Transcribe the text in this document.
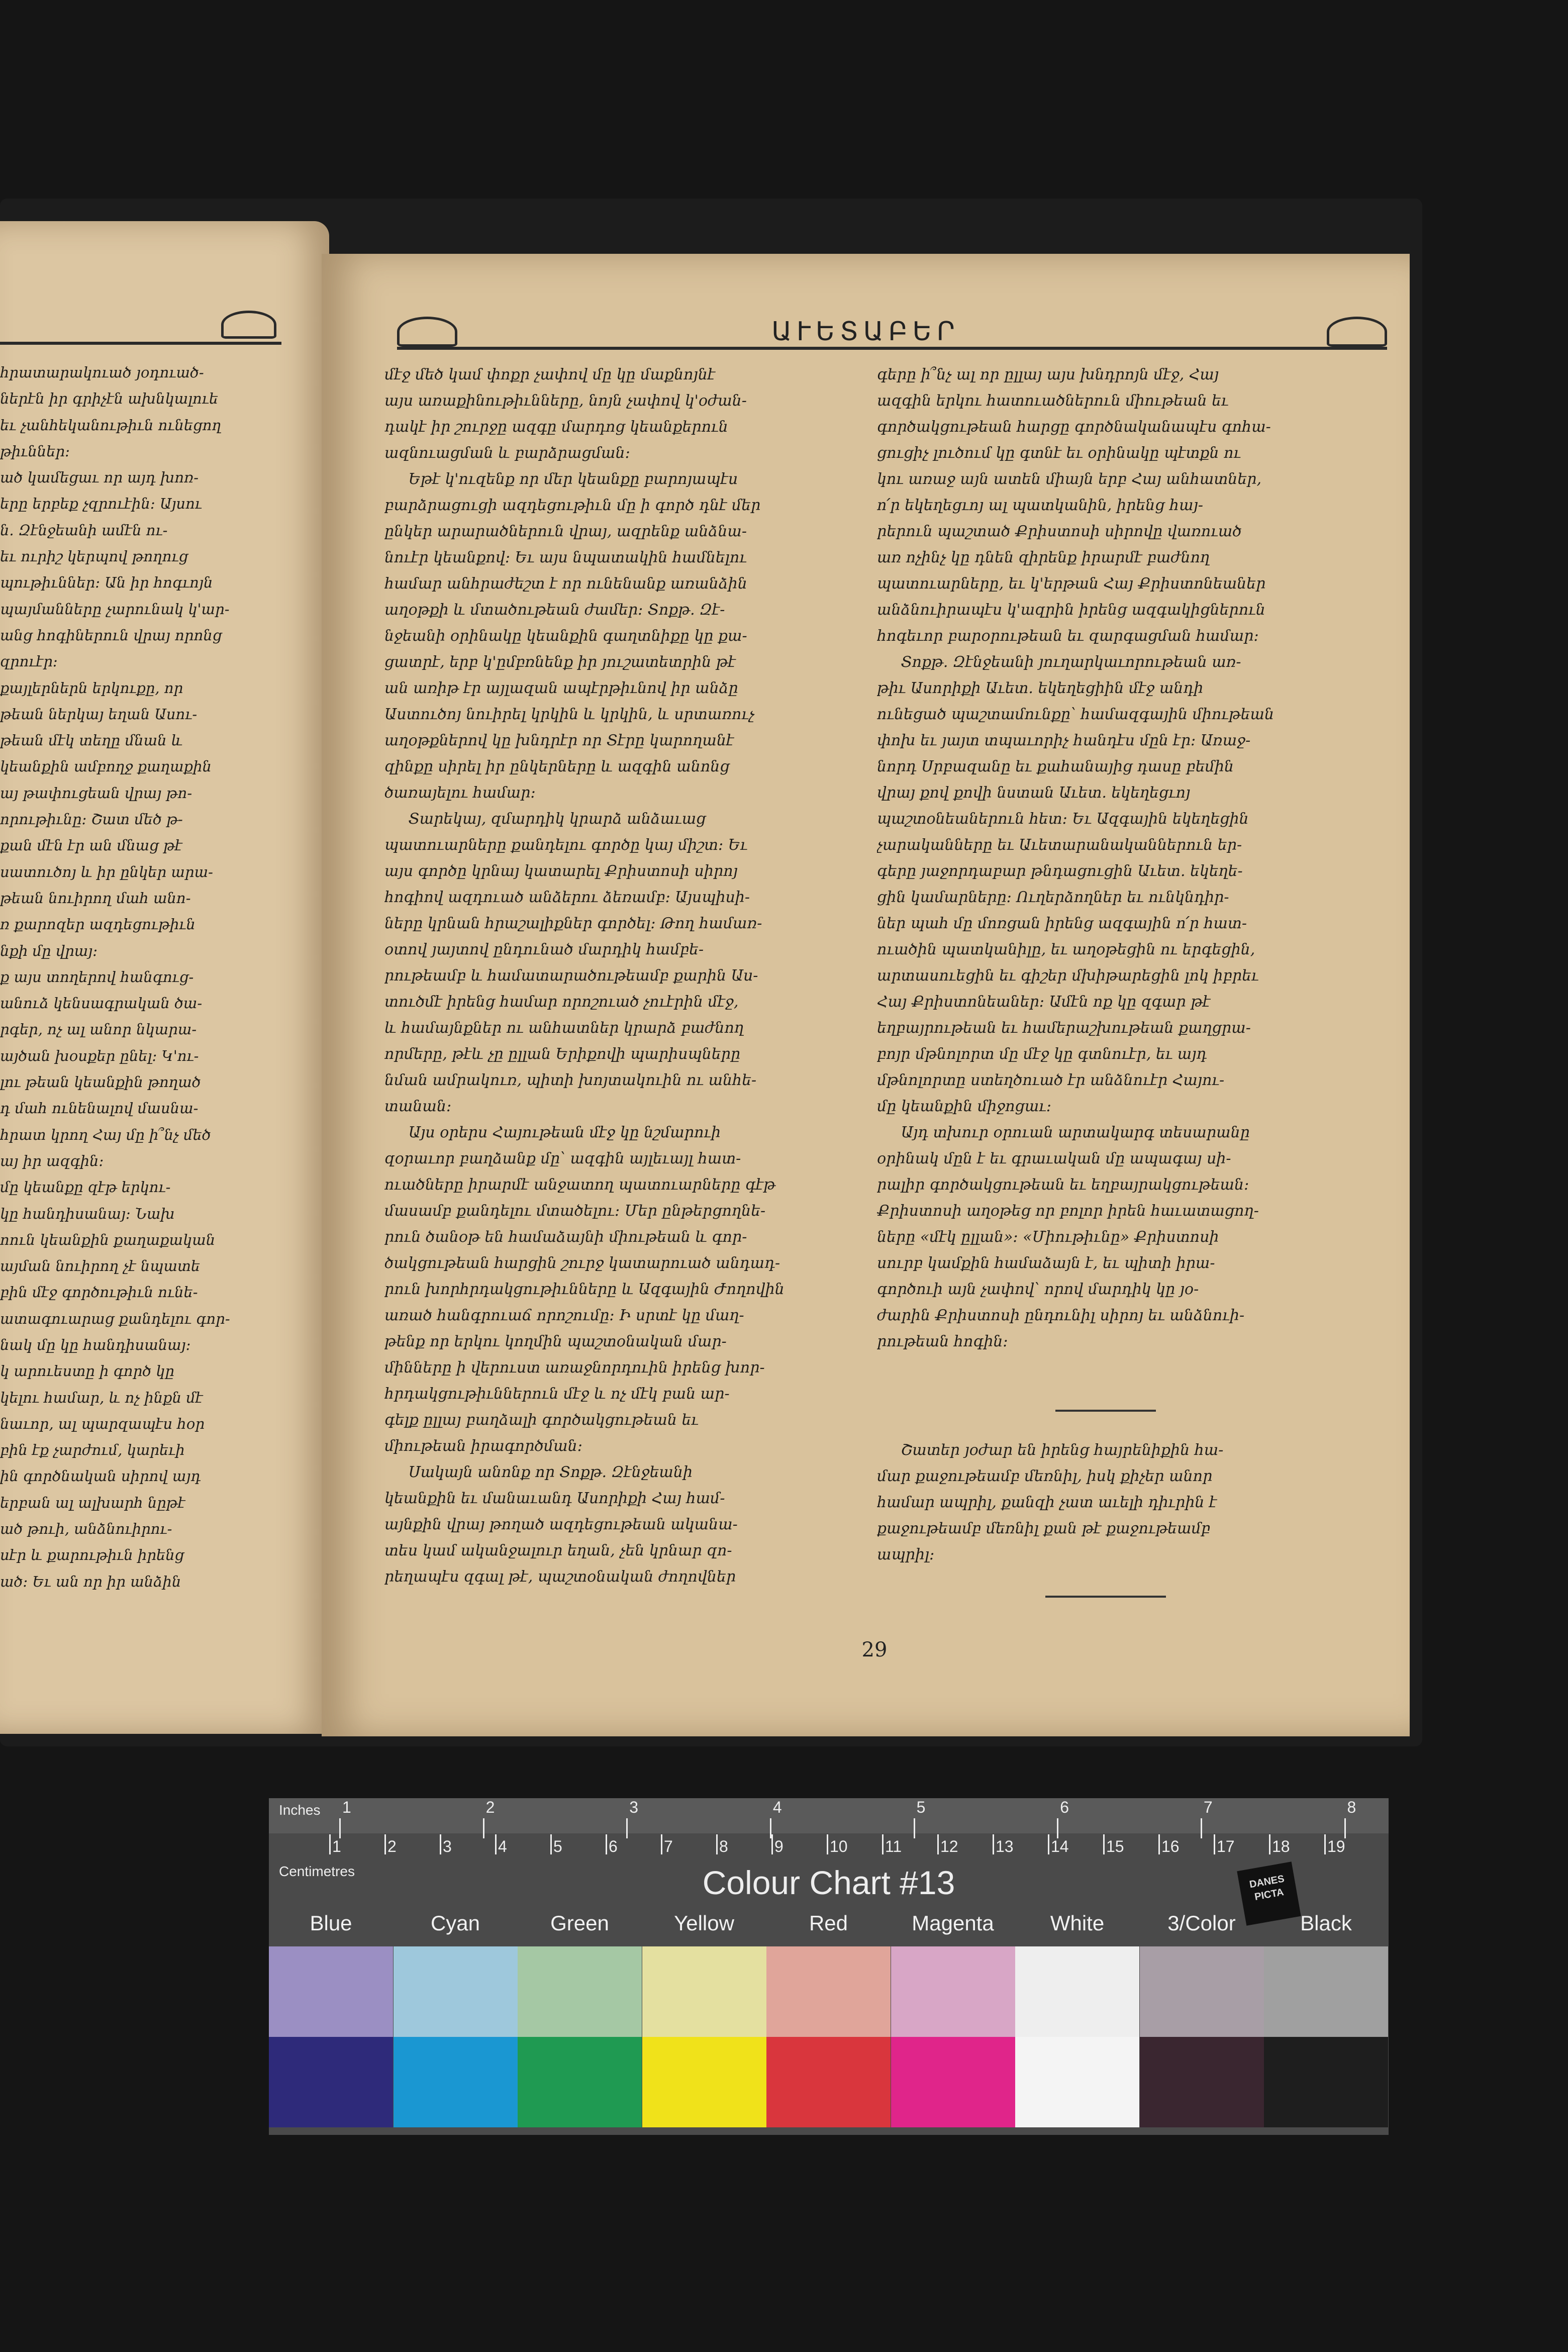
հրատարակուած յօդուած-
ներէն իր գրիչէն ախնկալուե
եւ չանհեկանութիւն ունեցող
թիւններ։
ած կամեցաւ որ այդ խոռ-
երը երբեք չզրուէին։ Այսու
ն. Զէնջեանի ամէն ու-
եւ ուրիշ կերպով թողուց
պութիւններ։ Ան իր հոգւոյն
պայմանները չարունակ կ'ար-
անց հոգիներուն վրայ որոնց
զրուէր։
քայլերներն երկուքը, որ
թեան ներկայ եղան Ասու-
թեան մէկ տեղը մնան և
կեանքին ամբողջ քաղաքին
այ թափուցեան վրայ թո-
որութիւնը։ Շատ մեծ թ-
քան մէն էր ան մնաց թէ
սատուծոյ և իր ընկեր արա-
թեան նուիրող մահ անո-
ռ քարոզեր ազդեցութիւն
նքի մը վրայ։
ք այս տողերով հանգուց-
անուձ կենսագրական ծա-
րգեր, ոչ ալ անոր նկարա-
այծան խօսքեր ընել։ Կ'ու-
լու թեան կեանքին թողած
դ մահ ունենալով մասնա-
հրատ կրող Հայ մը ի՞նչ մեծ
այ իր ազգին։
մը կեանքը զէթ երկու-
կը հանդիսանայ։ Նախ
ոուն կեանքին քաղաքական
այման նուիրող չէ նպատե
բին մէջ գործութիւն ունե-
ատագուարաց քանդելու գոր-
նակ մը կը հանդիսանայ։
կ արուեստը ի գործ կը
կելու համար, և ոչ ինքն մէ
նաւոր, ալ պարզապէս հօր
բին էք չարժում, կարեւի
ին գործնական սիրով այդ
երբան ալ ալխարհ նըթէ
ած թուի, անձնուիրու-
սէր և քարութիւն իրենց
ած։ Եւ ան որ իր անձին
ԱՒԵՏԱԲԵՐ
մէջ մեծ կամ փոքր չափով մը կը մաքնոյնէ
այս առաքինութիւնները, նոյն չափով կ'օժան-
դակէ իր շուրջը ազգը մարդոց կեանքերուն
ազնուացման և բարձրացման։
Եթէ կ'ուզենք որ մեր կեանքը բարոյապէս
բարձրացուցի ազդեցութիւն մը ի գործ դնէ մեր
ընկեր արարածներուն վրայ, ազրենք անձնա-
նուէր կեանքով։ Եւ այս նպատակին համնելու
համար անհրաժեշտ է որ ունենանք առանձին
աղօթքի և մտածութեան ժամեր։ Տոքթ. Զէ-
նջեանի օրինակը կեանքին գաղտնիքը կը քա-
ցատրէ, երբ կ'ըմբռնենք իր յուշատետրին թէ
ան առիթ էր այլազան ապէրթիւնով իր անձը
Աստուծոյ նուիրել կրկին և կրկին, և սրտառուչ
աղօթքներով կը խնդրէր որ Տէրը կարողանէ
զինքը սիրել իր ընկերները և ազգին անոնց
ծառայելու համար։
Տարեկայ, զմարդիկ կրարձ անձաւաց
պատուարները քանդելու գործը կայ միշտ։ Եւ
այս գործը կրնայ կատարել Քրիստոսի սիրոյ
հոգիով ազդուած անձերու ձեռամբ։ Այսպիսի-
ները կրնան հրաշալիքներ գործել։ Թող համառ-
օտով յայտով ընդունած մարդիկ համբե-
րութեամբ և համատարածութեամբ քարին Աս-
տուծմէ իրենց համար որոշուած չուէրին մէջ,
և համայնքներ ու անհատներ կրարձ բաժնող
որմերը, թէև չը ըլլան Երիքովի պարիսպները
նման ամրակուռ, պիտի խոյտակուին ու անհե-
տանան։
Այս օրերս Հայութեան մէջ կը նշմարուի
զօրաւոր բաղձանք մը՝ ազգին այլեւայլ հատ-
ուածները իրարմէ անջատող պատուարները գէթ
մասամբ քանդելու մտածելու։ Մեր ընթերցողնե-
րուն ծանօթ են համաձայնի միութեան և գոր-
ծակցութեան հարցին շուրջ կատարուած անդադ-
րուն խորհրդակցութիւնները և Ազգային Ժողովին
առած հանգրուաճ որոշումը։ Ի սրտէ կը մաղ-
թենք որ երկու կողմին պաշտօնական մար-
մինները ի վերուստ առաջնորդուին իրենց խոր-
հրդակցութիւններուն մէջ և ոչ մէկ բան ար-
գելք ըլլայ բաղձալի գործակցութեան եւ
միութեան իրագործման։
Սակայն անոնք որ Տոքթ. Զէնջեանի
կեանքին եւ մանաւանդ Ասորիքի Հայ համ-
այնքին վրայ թողած ազդեցութեան ականա-
տես կամ ականջալուր եղան, չեն կրնար զո-
րեղապէս զգալ թէ, պաշտօնական ժողովներ
գերը ի՞նչ ալ որ ըլլայ այս խնդրոյն մէջ, Հայ
ազգին երկու հատուածներուն միութեան եւ
գործակցութեան հարցը գործնականապէս գոհա-
ցուցիչ լուծում կը գտնէ եւ օրինակը պէտքն ու
կու առաջ այն ատեն միայն երբ Հայ անհատներ,
ո՛ր եկեղեցւոյ ալ պատկանին, իրենց հայ-
րերուն պաշտած Քրիստոսի սիրովը վառուած
առ ոչինչ կը դնեն զիրենք իրարմէ բաժնող
պատուարները, եւ կ'երթան Հայ Քրիստոնեաներ
անձնուիրապէս կ'ազրին իրենց ազգակիցներուն
հոգեւոր բարօրութեան եւ զարգացման համար։
Տոքթ. Զէնջեանի յուղարկաւորութեան առ-
թիւ Ասորիքի Աւետ. եկեղեցիին մէջ անդի
ունեցած պաշտամունքը՝ համազգային միութեան
փոխ եւ յայտ տպաւորիչ հանդէս մըն էր։ Առաջ-
նորդ Սրբազանը եւ քահանայից դասը բեմին
վրայ քով քովի նստան Աւետ. եկեղեցւոյ
պաշտօնեաներուն հետ։ Եւ Ազգային եկեղեցին
չարականները եւ Աւետարանականներուն եր-
գերը յաջորդաբար թնդացուցին Աւետ. եկեղե-
ցին կամարները։ Ուղերձողներ եւ ունկնդիր-
ներ պահ մը մոռցան իրենց ազգային ո՛ր հատ-
ուածին պատկանիլը, եւ աղօթեցին ու երգեցին,
արտասուեցին եւ գիշեր մխիթարեցին լոկ իբրեւ
Հայ Քրիստոնեաներ։ Ամէն ոք կը զգար թէ
եղբայրութեան եւ համերաշխութեան քաղցրա-
բոյր մթնոլորտ մը մէջ կը գտնուէր, եւ այդ
մթնոլորտը ստեղծուած էր անձնուէր Հայու-
մը կեանքին միջոցաւ։
Այդ տխուր օրուան արտակարգ տեսարանը
օրինակ մըն է եւ գրաւական մը ապագայ սի-
րալիր գործակցութեան եւ եղբայրակցութեան։
Քրիստոսի աղօթեց որ բոլոր իրեն հաւատացող-
ները «մէկ ըլլան»։ «Միութիւնը» Քրիստոսի
սուրբ կամքին համաձայն է, եւ պիտի իրա-
գործուի այն չափով՝ որով մարդիկ կը յօ-
ժարին Քրիստոսի ընդունիլ սիրոյ եւ անձնուի-
րութեան հոգին։
Շատեր յօժար են իրենց հայրենիքին հա-
մար քաջութեամբ մեռնիլ, իսկ քիչեր անոր
համար ապրիլ, քանզի չատ աւելի դիւրին է
քաջութեամբ մեռնիլ քան թէ քաջութեամբ
ապրիլ։
29
Inches
Centimetres
1	2	3	4	5	6	7	8
1	2	3	4	5	6	7	8	9	10 11 12 13 14 15 16 17 18 19
Colour Chart #13	DANES
PICTA
Blue	Cyan	Green	Yellow	Red	Magenta	White	3/Color	Black
